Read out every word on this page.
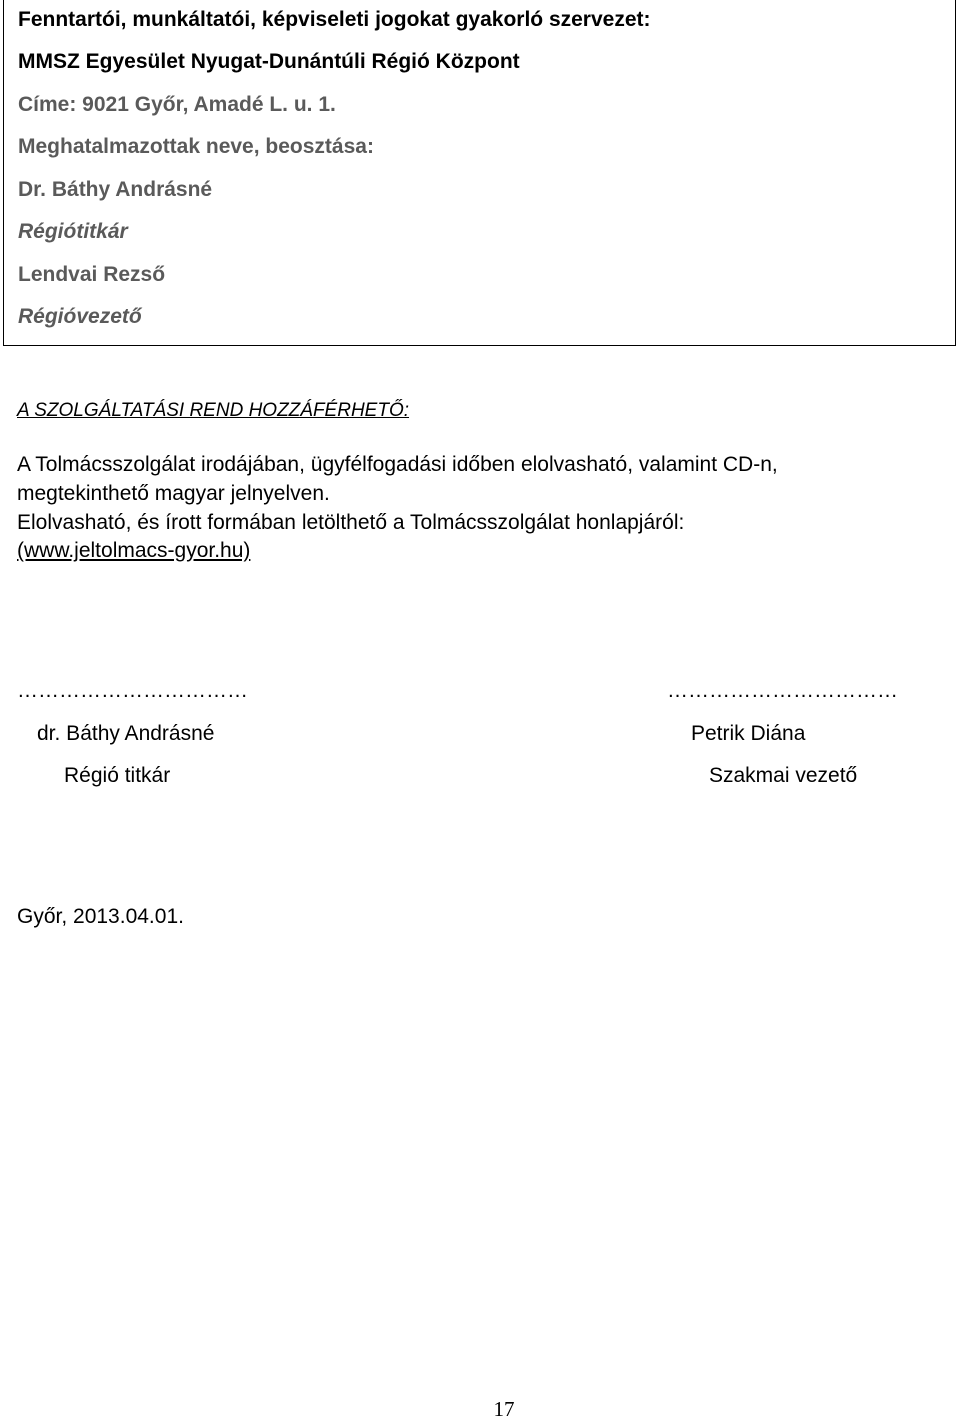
Fenntartói, munkáltatói, képviseleti jogokat gyakorló szervezet:
MMSZ Egyesület Nyugat-Dunántúli Régió Központ
Címe: 9021 Győr, Amadé L. u. 1.
Meghatalmazottak neve, beosztása:
Dr. Báthy Andrásné
Régiótitkár
Lendvai Rezső
Régióvezető
A SZOLGÁLTATÁSI REND HOZZÁFÉRHETŐ:
A Tolmácsszolgálat irodájában, ügyfélfogadási időben elolvasható, valamint CD-n,
megtekinthető magyar jelnyelven.
Elolvasható, és írott formában letölthető a Tolmácsszolgálat honlapjáról:
(www.jeltolmacs-gyor.hu)
……………………………	……………………………
dr. Báthy Andrásné
Régió titkár
Petrik Diána
Szakmai vezető
Győr, 2013.04.01.
17
